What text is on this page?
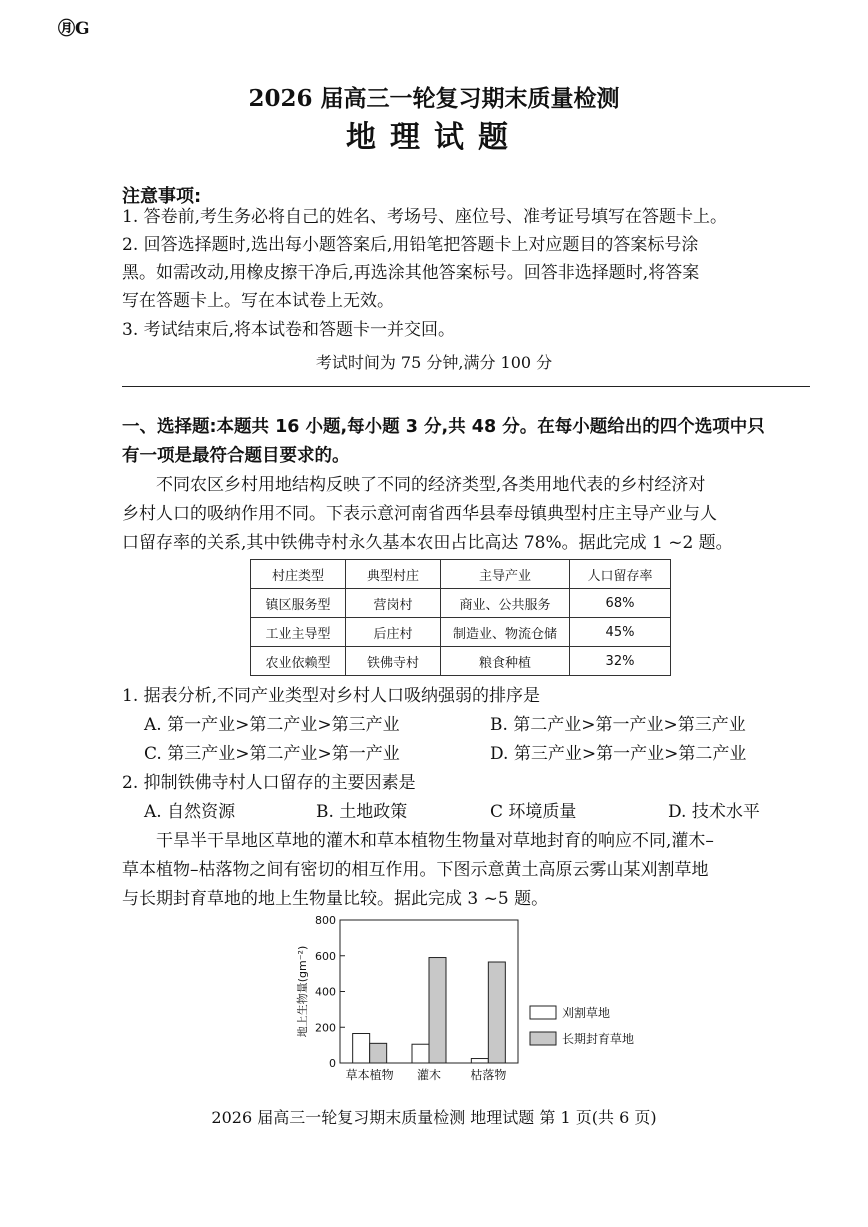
㊊G
2026 届高三一轮复习期末质量检测
地理试题
注意事项:
1. 答卷前,考生务必将自己的姓名、考场号、座位号、准考证号填写在答题卡上。
2. 回答选择题时,选出每小题答案后,用铅笔把答题卡上对应题目的答案标号涂
黑。如需改动,用橡皮擦干净后,再选涂其他答案标号。回答非选择题时,将答案
写在答题卡上。写在本试卷上无效。
3. 考试结束后,将本试卷和答题卡一并交回。
考试时间为 75 分钟,满分 100 分
一、选择题:本题共 16 小题,每小题 3 分,共 48 分。在每小题给出的四个选项中只
有一项是最符合题目要求的。
不同农区乡村用地结构反映了不同的经济类型,各类用地代表的乡村经济对
乡村人口的吸纳作用不同。下表示意河南省西华县奉母镇典型村庄主导产业与人
口留存率的关系,其中铁佛寺村永久基本农田占比高达 78%。据此完成 1 ~2 题。
村庄类型	典型村庄	主导产业	人口留存率
镇区服务型	营岗村	商业、公共服务	68%
工业主导型	后庄村	制造业、物流仓储	45%
农业依赖型	铁佛寺村	粮食种植	32%
1. 据表分析,不同产业类型对乡村人口吸纳强弱的排序是
A. 第一产业>第二产业>第三产业	B. 第二产业>第一产业>第三产业
C. 第三产业>第二产业>第一产业	D. 第三产业>第一产业>第二产业
2. 抑制铁佛寺村人口留存的主要因素是
A. 自然资源	B. 土地政策	C 环境质量	D. 技术水平
干旱半干旱地区草地的灌木和草本植物生物量对草地封育的响应不同,灌木–
草本植物–枯落物之间有密切的相互作用。下图示意黄土高原云雾山某刈割草地
与长期封育草地的地上生物量比较。据此完成 3 ~5 题。
0
200
400
600
800
地上生物量(gm⁻²)
草本植物 灌木 枯落物
刈割草地
长期封育草地
2026 届高三一轮复习期末质量检测 地理试题 第 1 页(共 6 页)
